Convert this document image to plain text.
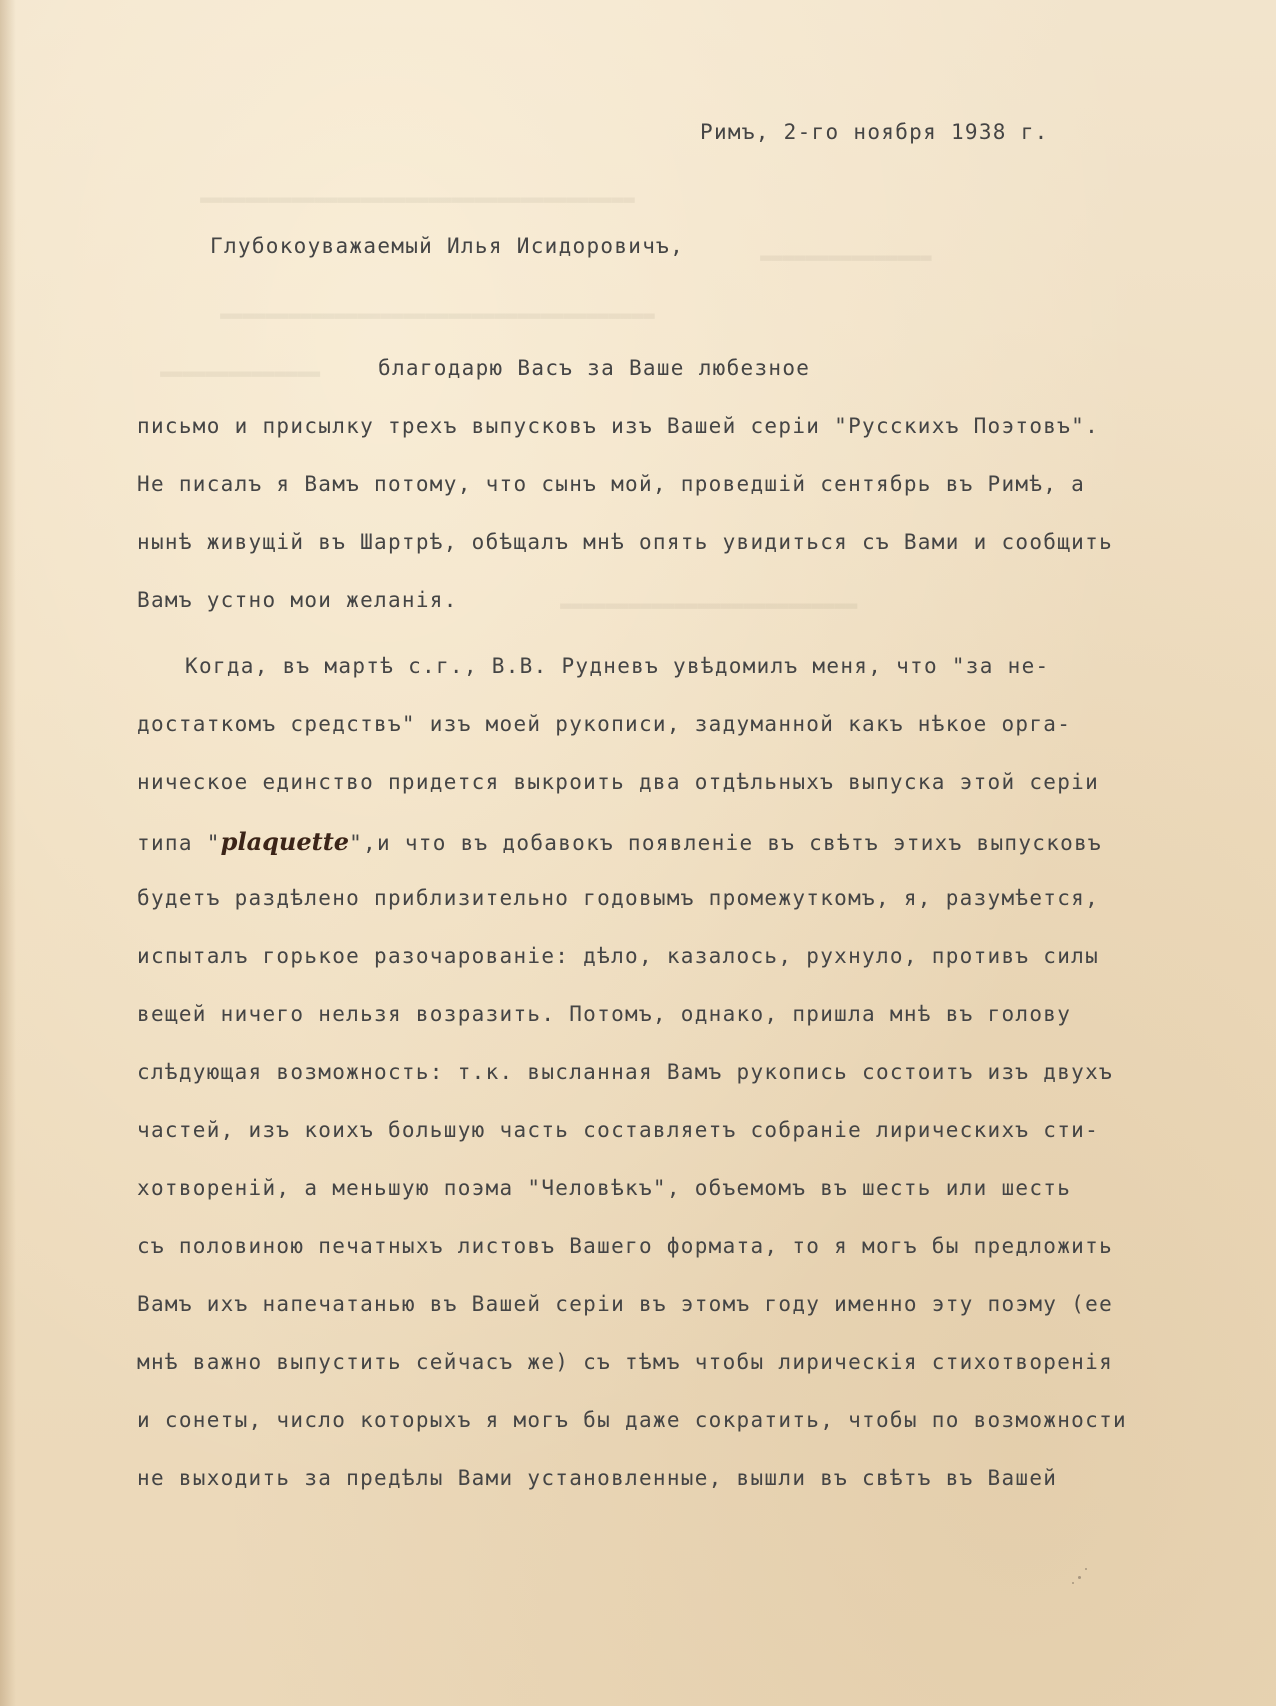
▬▬▬▬▬▬▬▬▬▬▬▬▬▬▬▬▬▬▬▬▬▬▬▬▬▬▬▬▬▬▬▬▬▬▬▬▬▬
▬▬▬▬▬▬▬▬▬▬▬▬▬▬▬
▬▬▬▬▬▬▬▬▬▬▬▬▬▬▬▬▬▬▬▬▬▬▬▬▬▬▬▬▬▬▬▬▬▬▬▬▬▬
▬▬▬▬▬▬▬▬▬▬▬▬▬▬
▬▬▬▬▬▬▬▬▬▬▬▬▬▬▬▬▬▬▬▬▬▬▬▬▬▬
Римъ, 2-го ноября 1938 г.
Глубокоуважаемый Илья Исидоровичъ,
благодарю Васъ за Ваше любезное
письмо и присылку трехъ выпусковъ изъ Вашей серіи "Русскихъ Поэтовъ".
Не писалъ я Вамъ потому, что сынъ мой, проведшій сентябрь въ Римѣ, а
нынѣ живущій въ Шартрѣ, обѣщалъ мнѣ опять увидиться съ Вами и сообщить
Вамъ устно мои желанія.
Когда, въ мартѣ с.г., В.В. Рудневъ увѣдомилъ меня, что "за не-
достаткомъ средствъ" изъ моей рукописи, задуманной какъ нѣкое орга-
ническое единство придется выкроить два отдѣльныхъ выпуска этой серіи
типа "plaquette",и что въ добавокъ появленіе въ свѣтъ этихъ выпусковъ
будетъ раздѣлено приблизительно годовымъ промежуткомъ, я, разумѣется,
испыталъ горькое разочарованіе: дѣло, казалось, рухнуло, противъ силы
вещей ничего нельзя возразить. Потомъ, однако, пришла мнѣ въ голову
слѣдующая возможность: т.к. высланная Вамъ рукопись состоитъ изъ двухъ
частей, изъ коихъ большую часть составляетъ собраніе лирическихъ сти-
хотвореній, а меньшую поэма "Человѣкъ", объемомъ въ шесть или шесть
съ половиною печатныхъ листовъ Вашего формата, то я могъ бы предложить
Вамъ ихъ напечатанью въ Вашей серіи въ этомъ году именно эту поэму (ее
мнѣ важно выпустить сейчасъ же) съ тѣмъ чтобы лирическія стихотворенія
и сонеты, число которыхъ я могъ бы даже сократить, чтобы по возможности
не выходить за предѣлы Вами установленные, вышли въ свѣтъ въ Вашей
